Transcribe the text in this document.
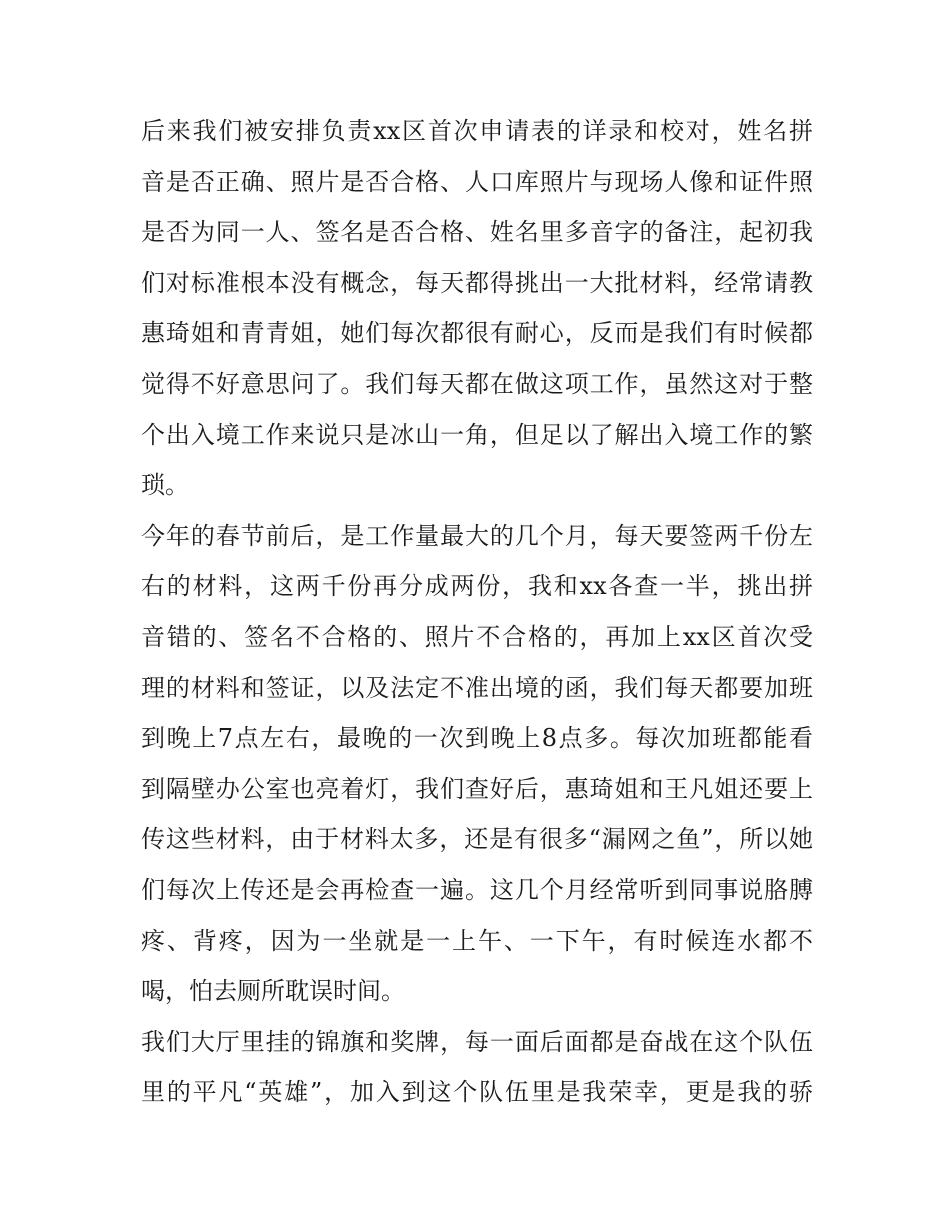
后来我们被安排负责xx区首次申请表的详录和校对，姓名拼
音是否正确、照片是否合格、人口库照片与现场人像和证件照
是否为同一人、签名是否合格、姓名里多音字的备注，起初我
们对标准根本没有概念，每天都得挑出一大批材料，经常请教
惠琦姐和青青姐，她们每次都很有耐心，反而是我们有时候都
觉得不好意思问了。我们每天都在做这项工作，虽然这对于整
个出入境工作来说只是冰山一角，但足以了解出入境工作的繁
琐。
今年的春节前后，是工作量最大的几个月，每天要签两千份左
右的材料，这两千份再分成两份，我和xx各查一半，挑出拼
音错的、签名不合格的、照片不合格的，再加上xx区首次受
理的材料和签证，以及法定不准出境的函，我们每天都要加班
到晚上7点左右，最晚的一次到晚上8点多。每次加班都能看
到隔壁办公室也亮着灯，我们查好后，惠琦姐和王凡姐还要上
传这些材料，由于材料太多，还是有很多“漏网之鱼”，所以她
们每次上传还是会再检查一遍。这几个月经常听到同事说胳膊
疼、背疼，因为一坐就是一上午、一下午，有时候连水都不
喝，怕去厕所耽误时间。
我们大厅里挂的锦旗和奖牌，每一面后面都是奋战在这个队伍
里的平凡“英雄”，加入到这个队伍里是我荣幸，更是我的骄
